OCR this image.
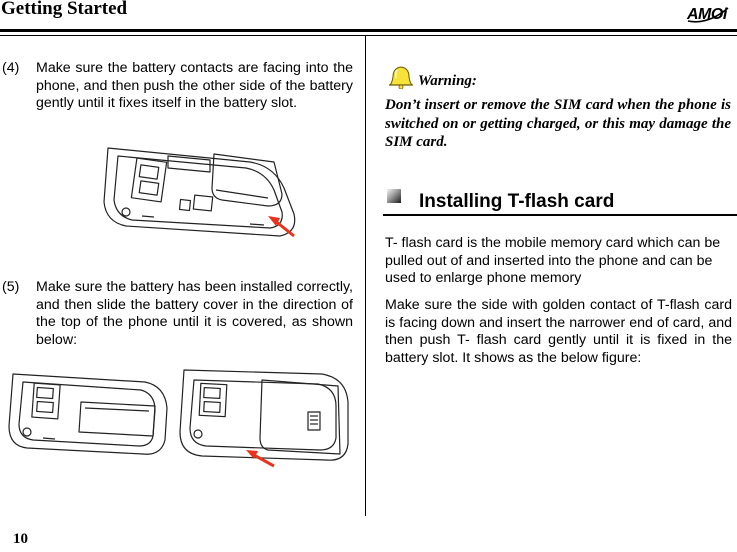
Getting Started	AMOi
(4) Make sure the battery contacts are facing into the phone, and then push the other side of the battery gently until it fixes itself in the battery slot.
(5) Make sure the battery has been installed correctly, and then slide the battery cover in the direction of the top of the phone until it is covered, as shown below:
Warning:
Don’t insert or remove the SIM card when the phone is switched on or getting charged, or this may damage the SIM card.
Installing T-flash card
T- flash card is the mobile memory card which can be pulled out of and inserted into the phone and can be used to enlarge phone memory
Make sure the side with golden contact of T-flash card is facing down and insert the narrower end of card, and then push T- flash card gently until it is fixed in the battery slot. It shows as the below figure:
10
